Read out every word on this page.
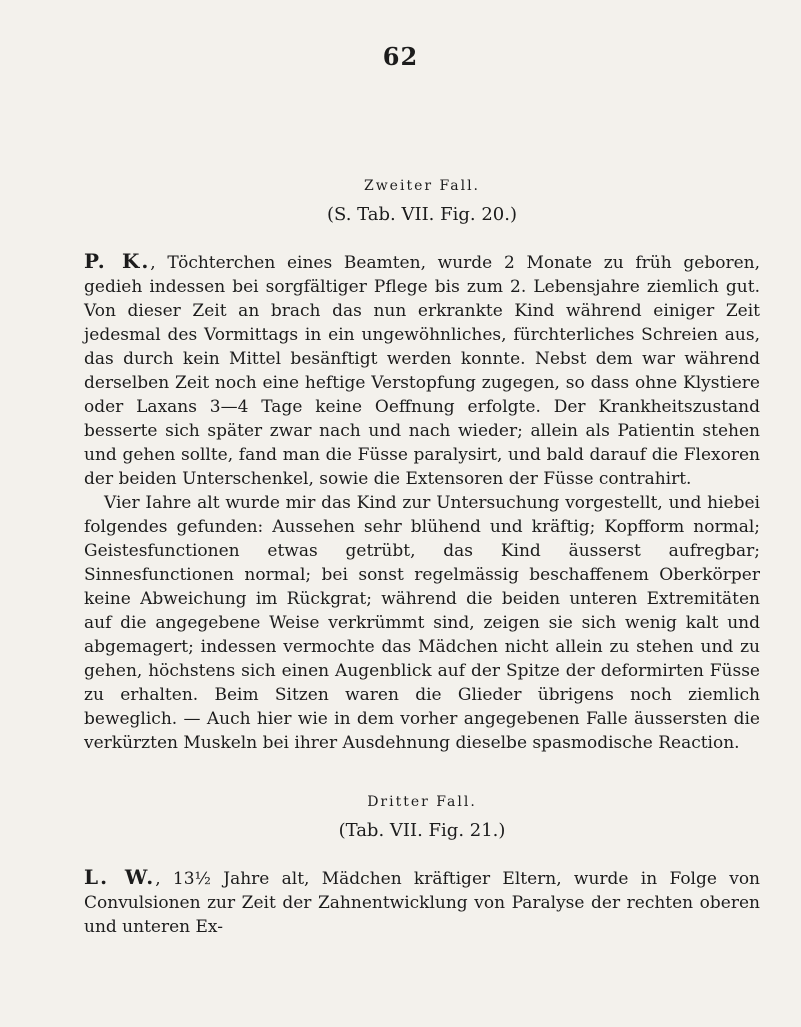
62

Zweiter Fall.

(S. Tab. VII. Fig. 20.)

P. K., Töchterchen eines Beamten, wurde 2 Monate zu früh geboren, gedieh indessen bei sorgfältiger Pflege bis zum 2. Lebensjahre ziemlich gut. Von dieser Zeit an brach das nun erkrankte Kind während einiger Zeit jedesmal des Vormittags in ein ungewöhnliches, fürchterliches Schreien aus, das durch kein Mittel besänftigt werden konnte. Nebst dem war während derselben Zeit noch eine heftige Verstopfung zugegen, so dass ohne Klystiere oder Laxans 3—4 Tage keine Oeffnung erfolgte. Der Krankheitszustand besserte sich später zwar nach und nach wieder; allein als Patientin stehen und gehen sollte, fand man die Füsse paralysirt, und bald darauf die Flexoren der beiden Unterschenkel, sowie die Extensoren der Füsse contrahirt.

Vier Iahre alt wurde mir das Kind zur Untersuchung vorgestellt, und hiebei folgendes gefunden: Aussehen sehr blühend und kräftig; Kopfform normal; Geistesfunctionen etwas getrübt, das Kind äusserst aufregbar; Sinnesfunctionen normal; bei sonst regelmässig beschaffenem Oberkörper keine Abweichung im Rückgrat; während die beiden unteren Extremitäten auf die angegebene Weise verkrümmt sind, zeigen sie sich wenig kalt und abgemagert; indessen vermochte das Mädchen nicht allein zu stehen und zu gehen, höchstens sich einen Augenblick auf der Spitze der deformirten Füsse zu erhalten. Beim Sitzen waren die Glieder übrigens noch ziemlich beweglich. — Auch hier wie in dem vorher angegebenen Falle äussersten die verkürzten Muskeln bei ihrer Ausdehnung dieselbe spasmodische Reaction.

Dritter Fall.

(Tab. VII. Fig. 21.)

L. W., 13½ Jahre alt, Mädchen kräftiger Eltern, wurde in Folge von Convulsionen zur Zeit der Zahnentwicklung von Paralyse der rechten oberen und unteren Ex-
